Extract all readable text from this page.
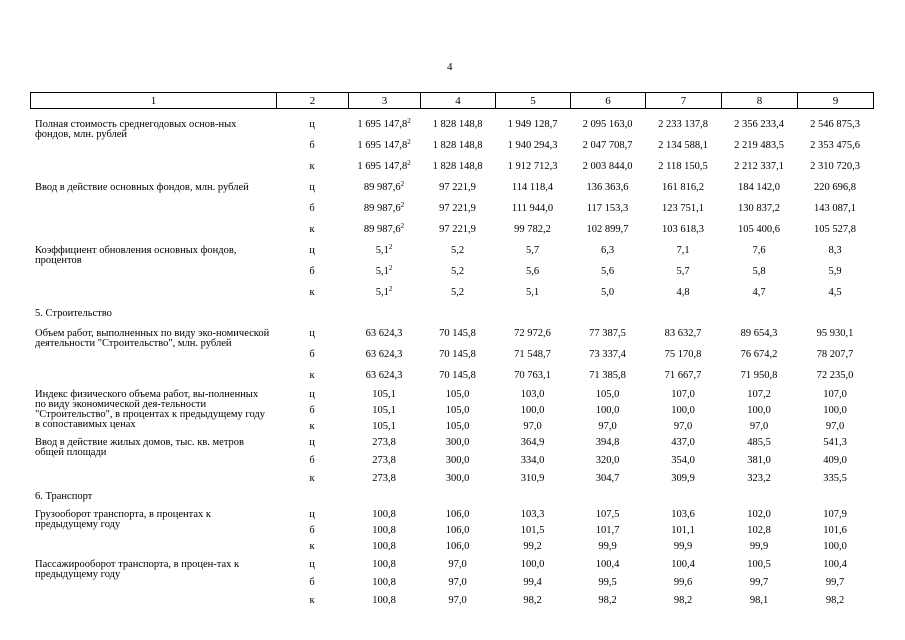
4
1	2	3	4	5	6	7	8	9

Полная стоимость среднегодовых основ-ных фондов, млн. рублей	ц	1 695 147,8$^2$	1 828 148,8	1 949 128,7	2 095 163,0	2 233 137,8	2 356 233,4	2 546 875,3
	б	1 695 147,8$^2$	1 828 148,8	1 940 294,3	2 047 708,7	2 134 588,1	2 219 483,5	2 353 475,6
	к	1 695 147,8$^2$	1 828 148,8	1 912 712,3	2 003 844,0	2 118 150,5	2 212 337,1	2 310 720,3
Ввод в действие основных фондов, млн. рублей	ц	89 987,6$^2$	97 221,9	114 118,4	136 363,6	161 816,2	184 142,0	220 696,8
	б	89 987,6$^2$	97 221,9	111 944,0	117 153,3	123 751,1	130 837,2	143 087,1
	к	89 987,6$^2$	97 221,9	99 782,2	102 899,7	103 618,3	105 400,6	105 527,8
Коэффициент обновления основных фондов, процентов	ц	$5,1^2$	5,2	5,7	6,3	7,1	7,6	8,3
	б	$5,1^2$	5,2	5,6	5,6	5,7	5,8	5,9
	к	$5,1^2$	5,2	5,1	5,0	4,8	4,7	4,5
5. Строительство								
Объем работ, выполненных по виду эко-номической деятельности "Строительство", млн. рублей	ц	63 624,3	70 145,8	72 972,6	77 387,5	83 632,7	89 654,3	95 930,1
	б	63 624,3	70 145,8	71 548,7	73 337,4	75 170,8	76 674,2	78 207,7
	к	63 624,3	70 145,8	70 763,1	71 385,8	71 667,7	71 950,8	72 235,0
Индекс физического объема работ, вы-полненных по виду экономической дея-тельности "Строительство", в процентах к предыдущему году в сопоставимых ценах	ц	105,1	105,0	103,0	105,0	107,0	107,2	107,0
	б	105,1	105,0	100,0	100,0	100,0	100,0	100,0
	к	105,1	105,0	97,0	97,0	97,0	97,0	97,0
Ввод в действие жилых домов, тыс. кв. метров общей площади	ц	273,8	300,0	364,9	394,8	437,0	485,5	541,3
	б	273,8	300,0	334,0	320,0	354,0	381,0	409,0
	к	273,8	300,0	310,9	304,7	309,9	323,2	335,5
6. Транспорт								
Грузооборот транспорта, в процентах к предыдущему году	ц	100,8	106,0	103,3	107,5	103,6	102,0	107,9
	б	100,8	106,0	101,5	101,7	101,1	102,8	101,6
	к	100,8	106,0	99,2	99,9	99,9	99,9	100,0
Пассажирооборот транспорта, в процен-тах к предыдущему году	ц	100,8	97,0	100,0	100,4	100,4	100,5	100,4
	б	100,8	97,0	99,4	99,5	99,6	99,7	99,7
	к	100,8	97,0	98,2	98,2	98,2	98,1	98,2
